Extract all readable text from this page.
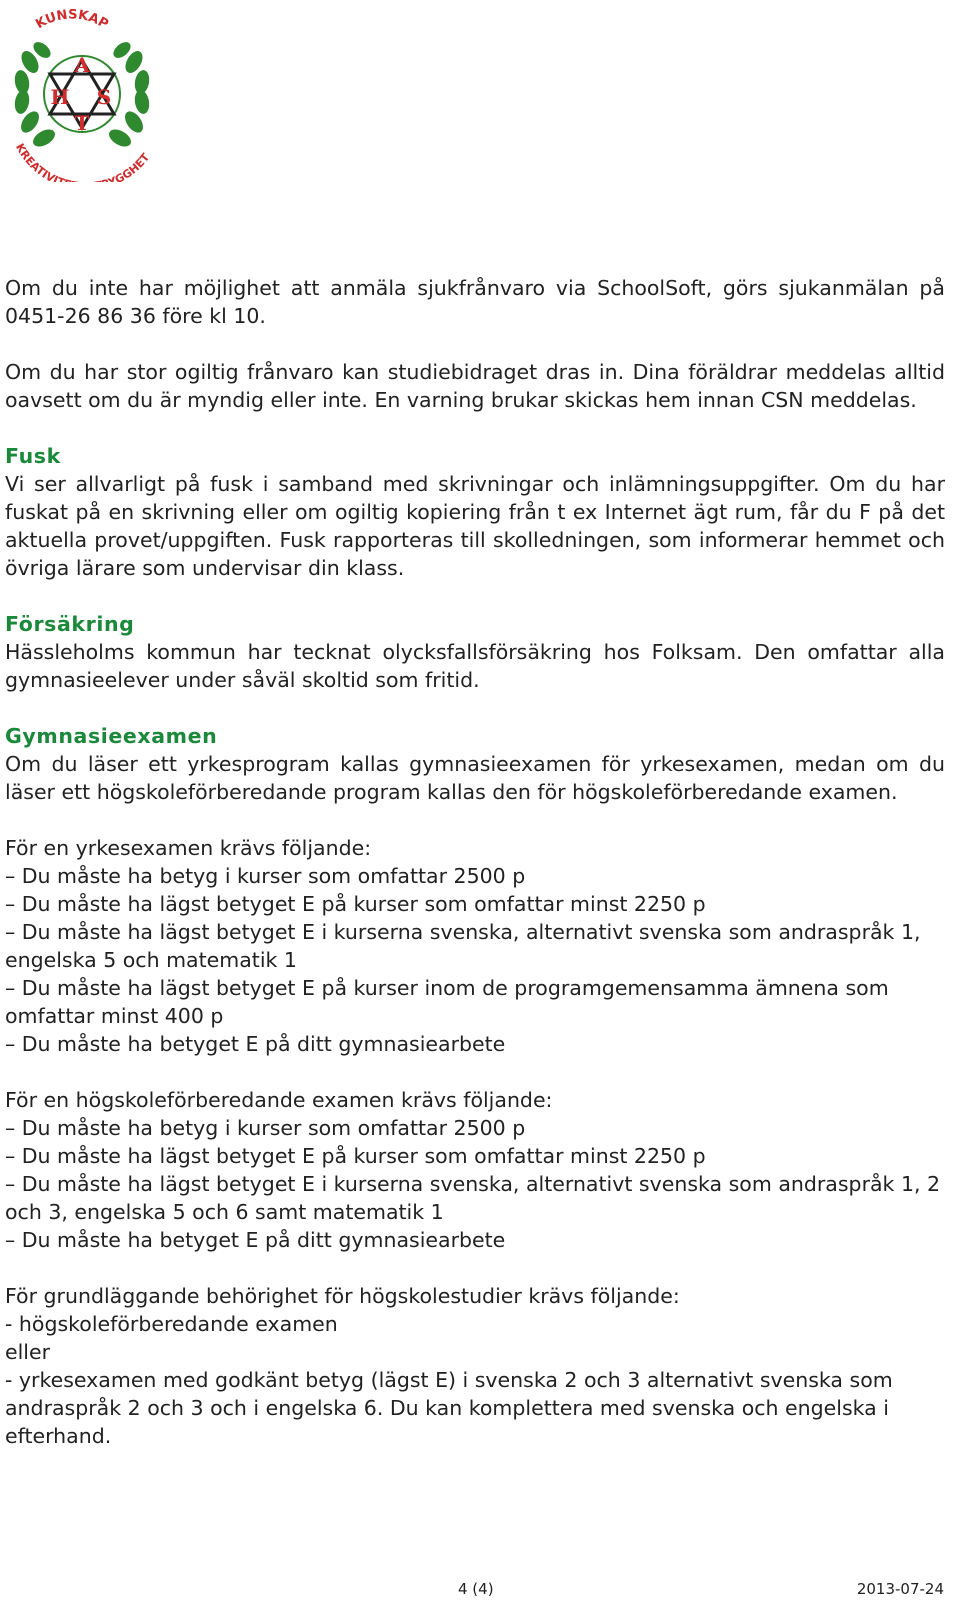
A
H S
T
KUNSKAP
KREATIVI YGGHET

Om du inte har möjlighet att anmäla sjukfrånvaro via SchoolSoft, görs sjukanmälan på 0451-26 86 36 före kl 10.

Om du har stor ogiltig frånvaro kan studiebidraget dras in. Dina föräldrar meddelas alltid oavsett om du är myndig eller inte. En varning brukar skickas hem innan CSN meddelas.

Fusk

Vi ser allvarligt på fusk i samband med skrivningar och inlämningsuppgifter. Om du har fuskat på en skrivning eller om ogiltig kopiering från t ex Internet ägt rum, får du F på det aktuella provet/uppgiften. Fusk rapporteras till skolledningen, som informerar hemmet och övriga lärare som undervisar din klass.

Försäkring

Hässleholms kommun har tecknat olycksfallsförsäkring hos Folksam. Den omfattar alla gymnasieelever under såväl skoltid som fritid.

Gymnasieexamen

Om du läser ett yrkesprogram kallas gymnasieexamen för yrkesexamen, medan om du läser ett högskoleförberedande program kallas den för högskoleförberedande examen.

För en yrkesexamen krävs följande:
– Du måste ha betyg i kurser som omfattar 2500 p
– Du måste ha lägst betyget E på kurser som omfattar minst 2250 p
– Du måste ha lägst betyget E i kurserna svenska, alternativt svenska som andraspråk 1, engelska 5 och matematik 1
– Du måste ha lägst betyget E på kurser inom de programgemensamma ämnena som omfattar minst 400 p
– Du måste ha betyget E på ditt gymnasiearbete
För en högskoleförberedande examen krävs följande:
– Du måste ha betyg i kurser som omfattar 2500 p
– Du måste ha lägst betyget E på kurser som omfattar minst 2250 p
– Du måste ha lägst betyget E i kurserna svenska, alternativt svenska som andraspråk 1, 2 och 3, engelska 5 och 6 samt matematik 1
– Du måste ha betyget E på ditt gymnasiearbete
För grundläggande behörighet för högskolestudier krävs följande:
- högskoleförberedande examen
eller
- yrkesexamen med godkänt betyg (lägst E) i svenska 2 och 3 alternativt svenska som andraspråk 2 och 3 och i engelska 6. Du kan komplettera med svenska och engelska i efterhand.
4 (4)	2013-07-24
